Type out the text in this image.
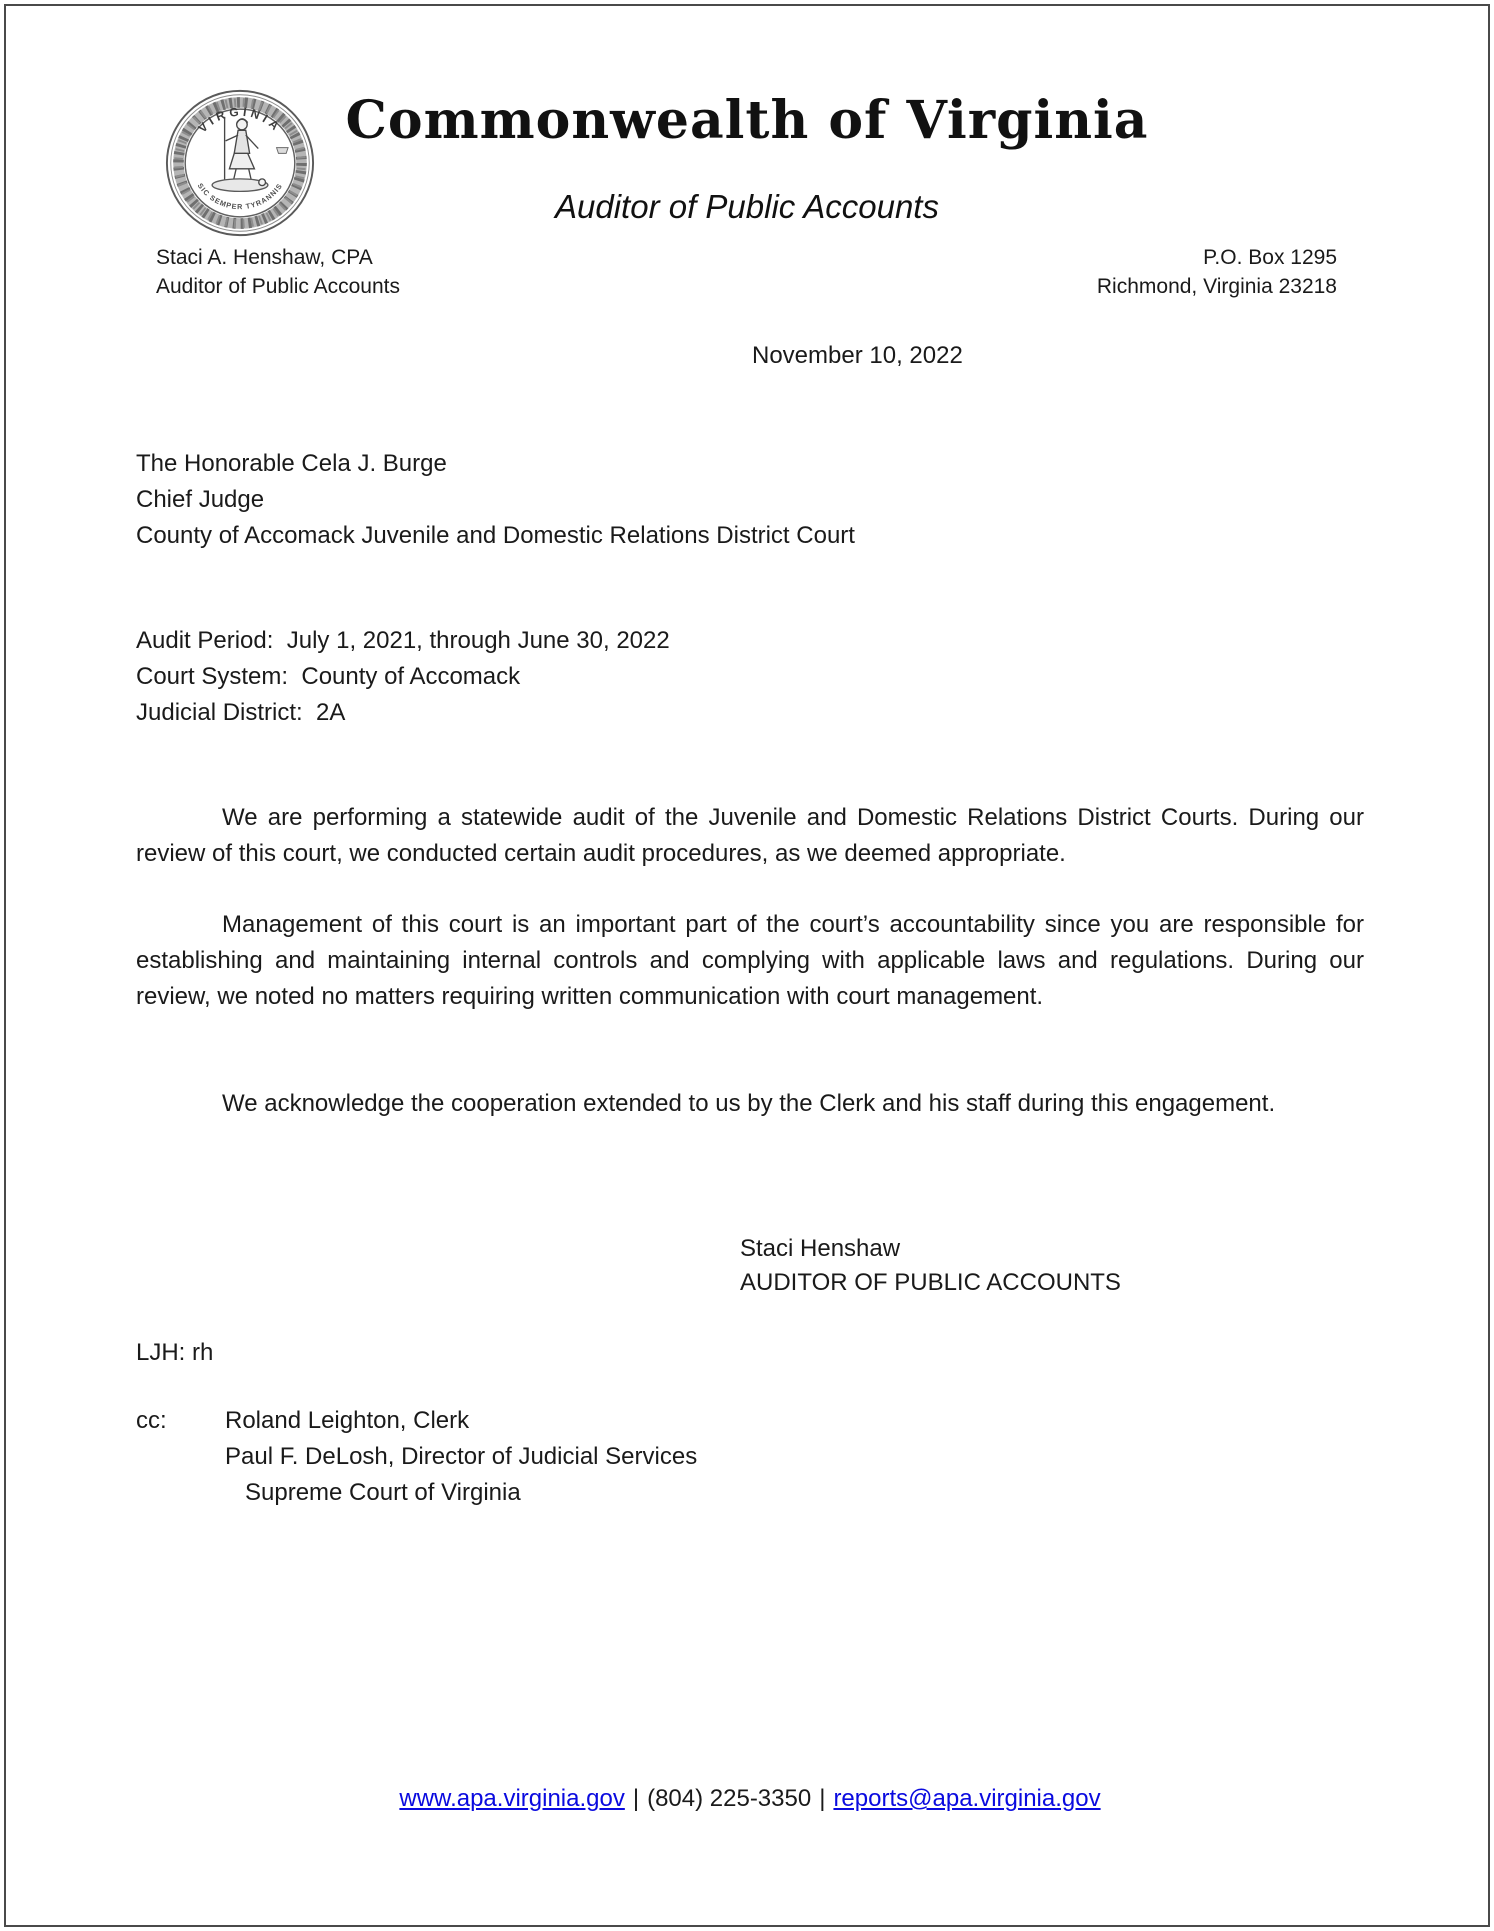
VIRGINIA
SIC SEMPER TYRANNIS
Commonwealth of Virginia
Auditor of Public Accounts
Staci A. Henshaw, CPA
Auditor of Public Accounts
P.O. Box 1295
Richmond, Virginia 23218
November 10, 2022
The Honorable Cela J. Burge
Chief Judge
County of Accomack Juvenile and Domestic Relations District Court
Audit Period:  July 1, 2021, through June 30, 2022
Court System:  County of Accomack
Judicial District:  2A
We are performing a statewide audit of the Juvenile and Domestic Relations District Courts. During our review of this court, we conducted certain audit procedures, as we deemed appropriate.
Management of this court is an important part of the court’s accountability since you are responsible for establishing and maintaining internal controls and complying with applicable laws and regulations. During our review, we noted no matters requiring written communication with court management.
We acknowledge the cooperation extended to us by the Clerk and his staff during this engagement.
Staci Henshaw
AUDITOR OF PUBLIC ACCOUNTS
LJH: rh
cc:	Roland Leighton, Clerk
Paul F. DeLosh, Director of Judicial Services
Supreme Court of Virginia
www.apa.virginia.gov | (804) 225-3350 | reports@apa.virginia.gov
